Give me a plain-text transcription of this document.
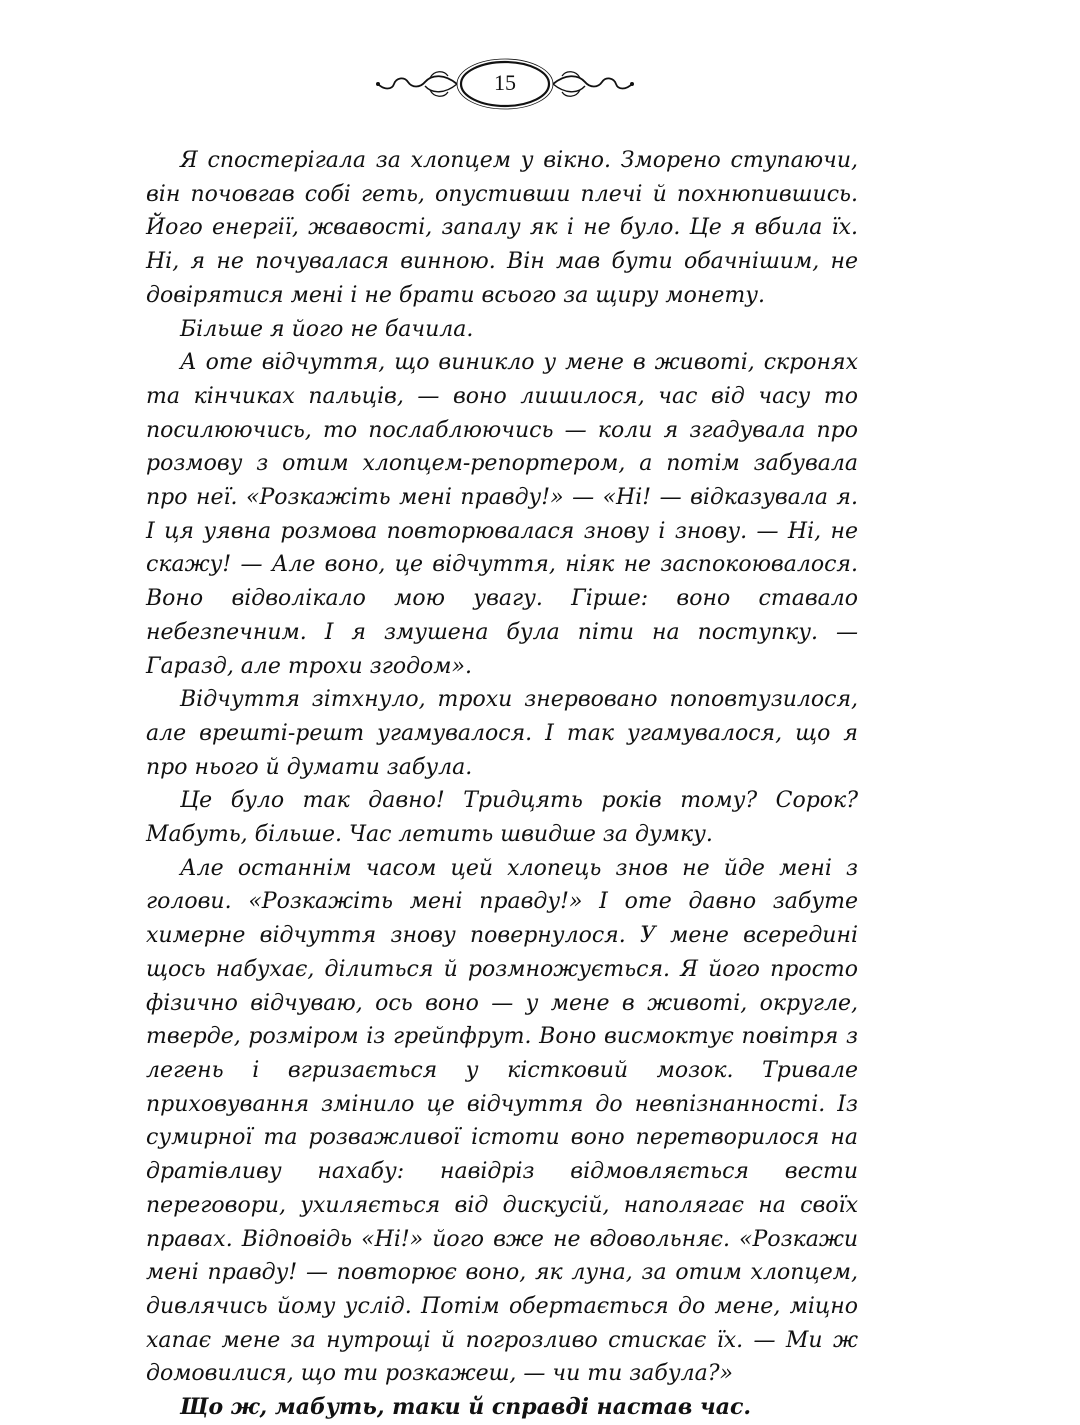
15

Я спостерігала за хлопцем у вікно. Зморено ступаючи, він почовгав собі геть, опустивши плечі й похнюпившись. Його енергії, жвавості, запалу як і не було. Це я вбила їх. Ні, я не почувалася винною. Він мав бути обачнішим, не довірятися мені і не брати всього за щиру монету.

Більше я його не бачила.

А оте відчуття, що виникло у мене в животі, скронях та кінчиках пальців, — воно лишилося, час від часу то посилюючись, то послаблюючись — коли я згадувала про розмову з отим хлопцем-репортером, а потім забувала про неї. «Розкажіть мені правду!» — «Ні! — відказувала я. І ця уявна розмова повторювалася знову і знову. — Ні, не скажу! — Але воно, це відчуття, ніяк не заспокоювалося. Воно відволікало мою увагу. Гірше: воно ставало небезпечним. І я змушена була піти на поступку. — Гаразд, але трохи згодом».

Відчуття зітхнуло, трохи знервовано поповтузилося, але врешті-решт угамувалося. І так угамувалося, що я про нього й думати забула.

Це було так давно! Тридцять років тому? Сорок? Мабуть, більше. Час летить швидше за думку.

Але останнім часом цей хлопець знов не йде мені з голови. «Розкажіть мені правду!» І оте давно забуте химерне відчуття знову повернулося. У мене всередині щось набухає, ділиться й розмножується. Я його просто фізично відчуваю, ось воно — у мене в животі, округле, тверде, розміром із грейпфрут. Воно висмоктує повітря з легень і вгризається у кістковий мозок. Тривале приховування змінило це відчуття до невпізнанності. Із сумирної та розважливої істоти воно перетворилося на дратівливу нахабу: навідріз відмовляється вести переговори, ухиляється від дискусій, наполягає на своїх правах. Відповідь «Ні!» його вже не вдовольняє. «Розкажи мені правду! — повторює воно, як луна, за отим хлопцем, дивлячись йому услід. Потім обертається до мене, міцно хапає мене за нутрощі й погрозливо стискає їх. — Ми ж домовилися, що ти розкажеш, — чи ти забула?»

Що ж, мабуть, таки й справді настав час.
